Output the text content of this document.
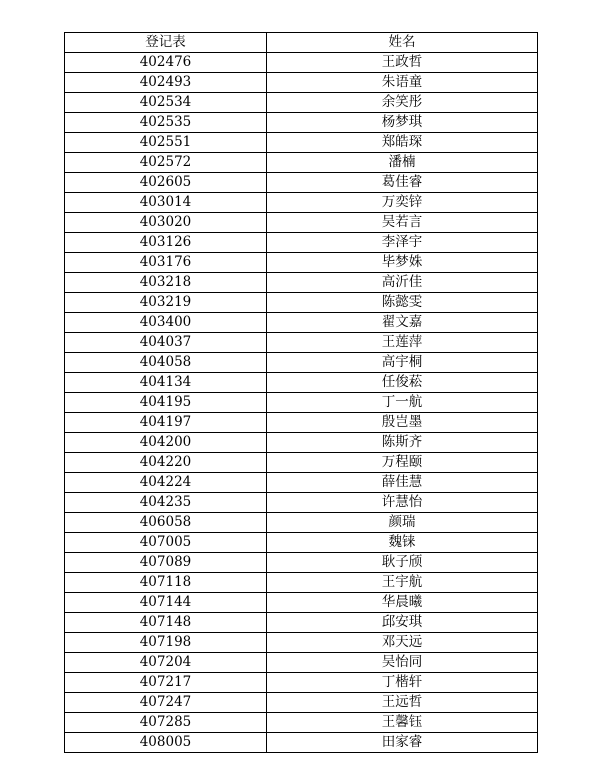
登记表	姓名
402476	王政哲
402493	朱语童
402534	余笑彤
402535	杨梦琪
402551	郑皓琛
402572	潘楠
402605	葛佳睿
403014	万奕锌
403020	吴若言
403126	李泽宇
403176	毕梦姝
403218	高沂佳
403219	陈懿雯
403400	翟文嘉
404037	王莲萍
404058	高宇桐
404134	任俊菘
404195	丁一航
404197	殷岂墨
404200	陈斯齐
404220	万程颐
404224	薛佳慧
404235	许慧怡
406058	颜瑞
407005	魏铼
407089	耿子颀
407118	王宇航
407144	华晨曦
407148	邱安琪
407198	邓天远
407204	吴怡同
407217	丁楷轩
407247	王远哲
407285	王馨钰
408005	田家睿
